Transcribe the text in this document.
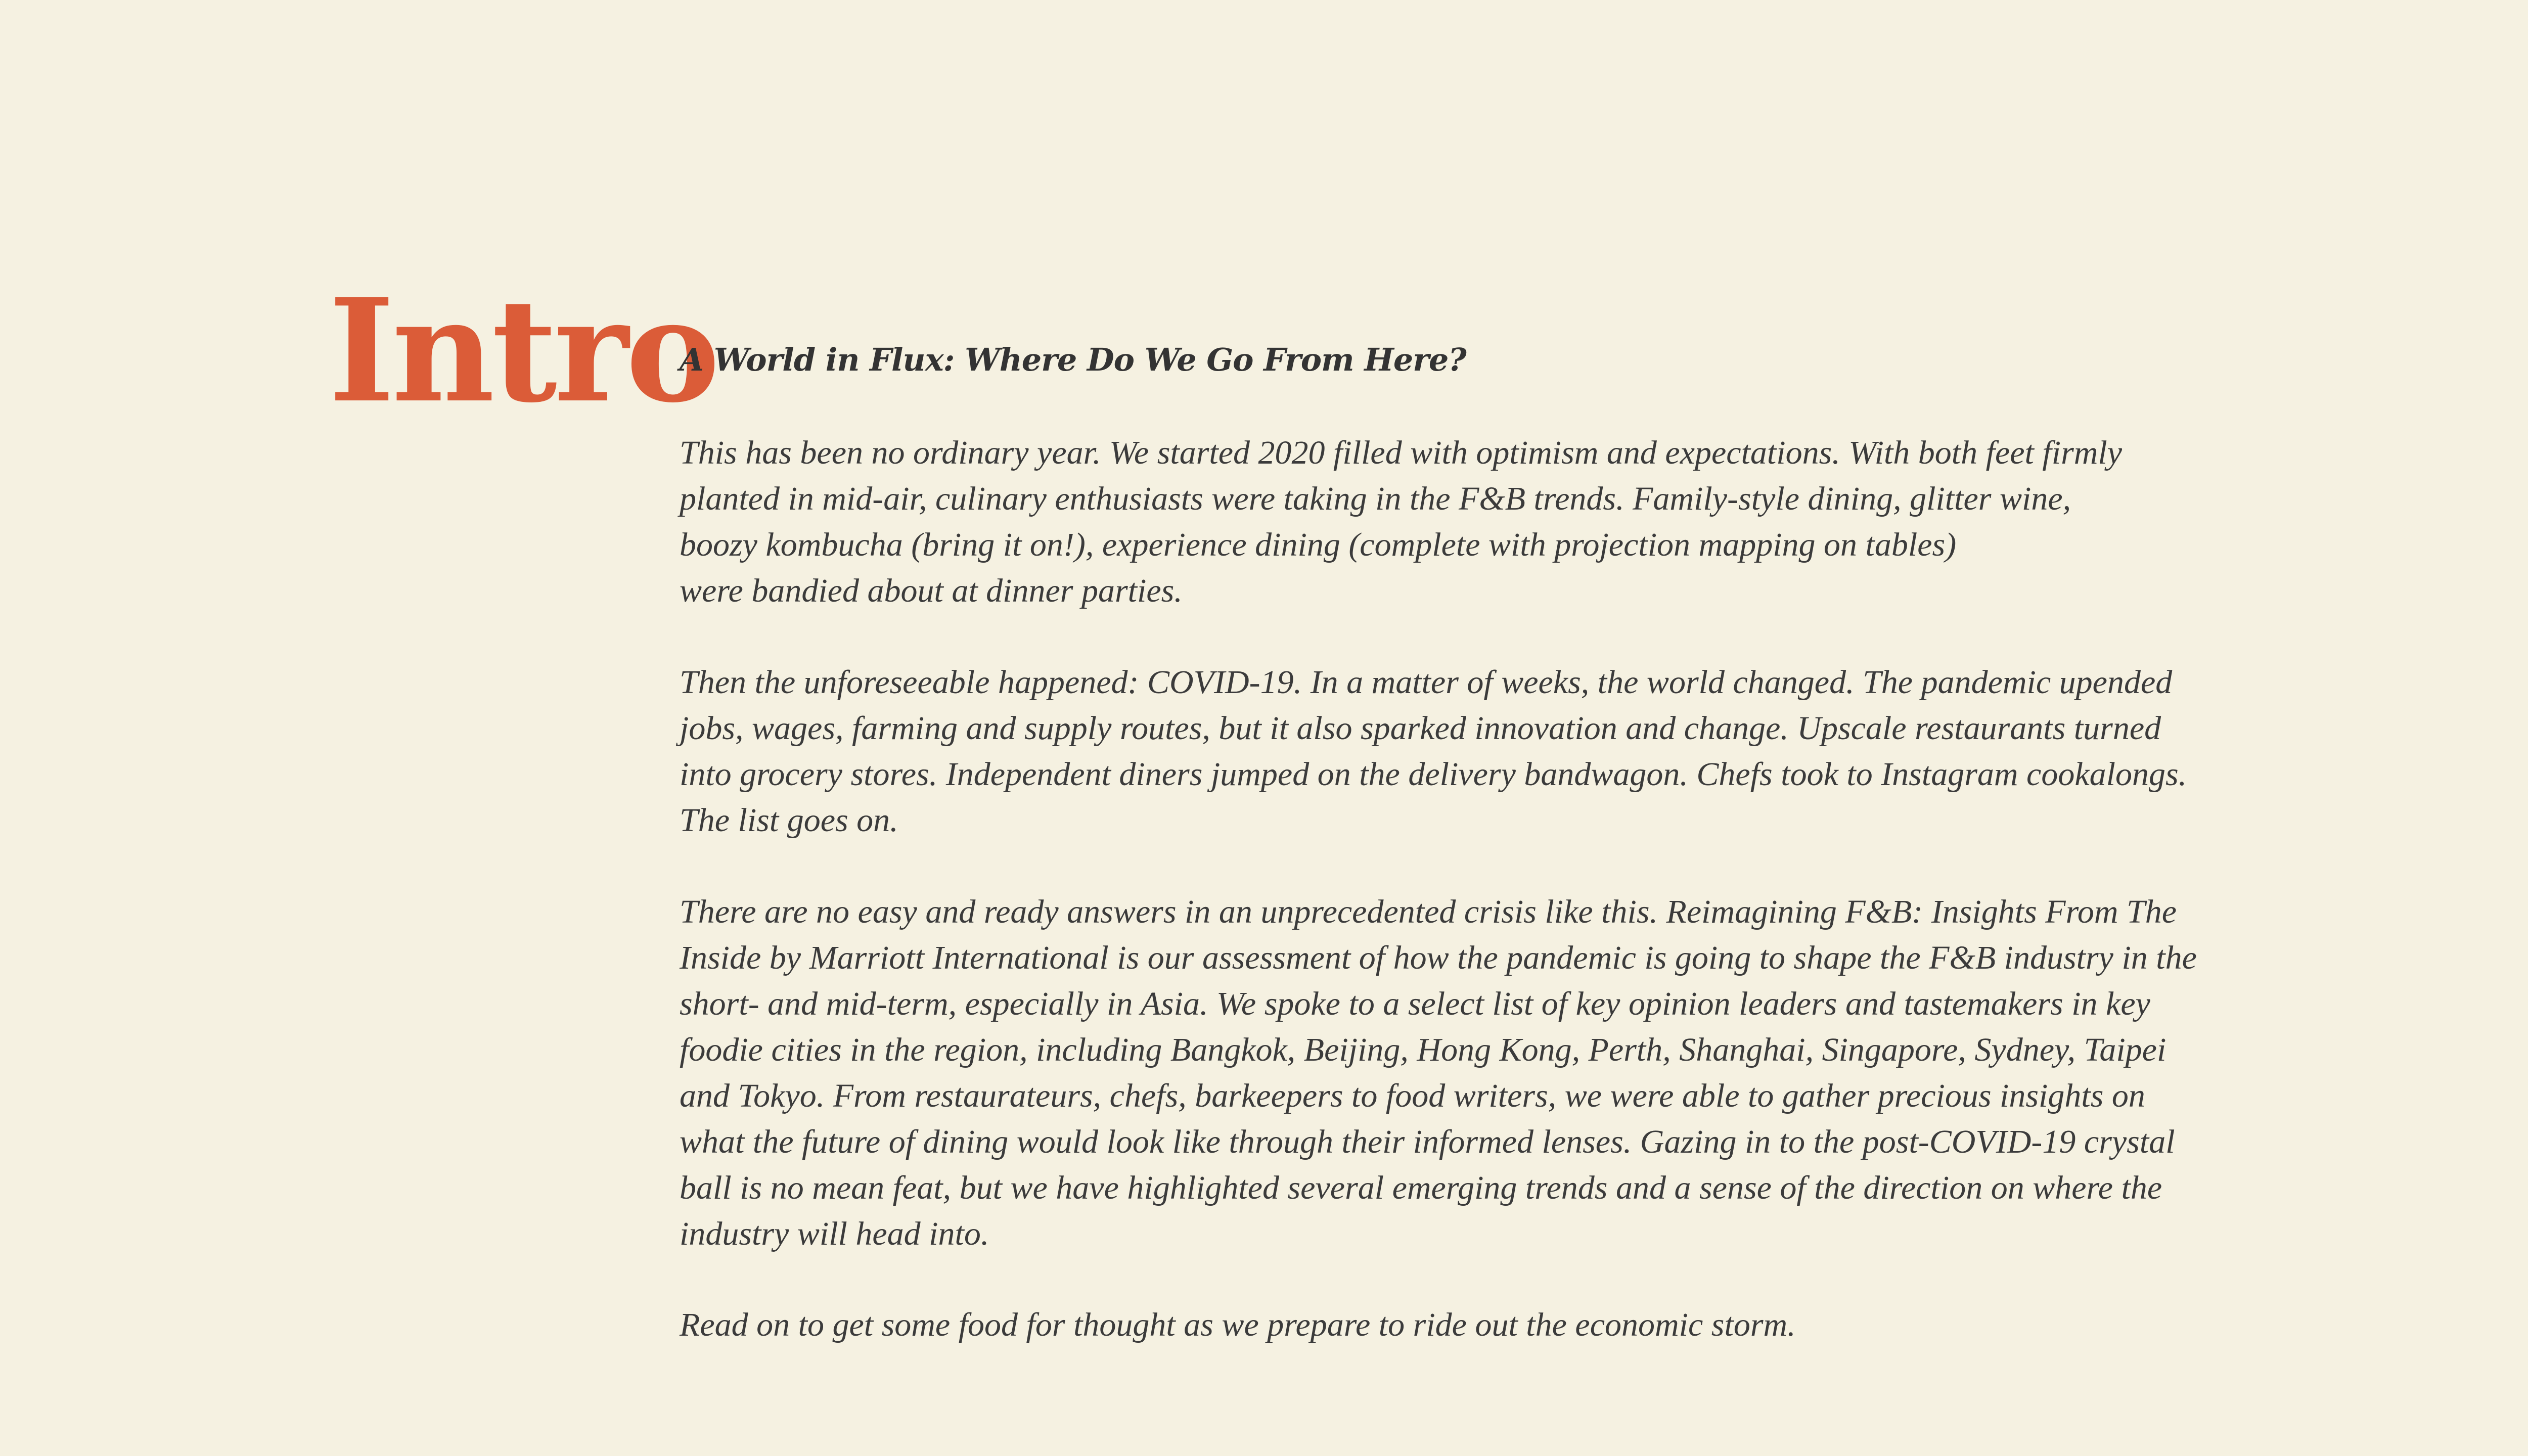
Intro
A World in Flux: Where Do We Go From Here?

This has been no ordinary year. We started 2020 filled with optimism and expectations. With both feet firmly
planted in mid-air, culinary enthusiasts were taking in the F&B trends. Family-style dining, glitter wine,
boozy kombucha (bring it on!), experience dining (complete with projection mapping on tables)
were bandied about at dinner parties.

Then the unforeseeable happened: COVID-19. In a matter of weeks, the world changed. The pandemic upended
jobs, wages, farming and supply routes, but it also sparked innovation and change. Upscale restaurants turned
into grocery stores. Independent diners jumped on the delivery bandwagon. Chefs took to Instagram cookalongs.
The list goes on.

There are no easy and ready answers in an unprecedented crisis like this. Reimagining F&B: Insights From The
Inside by Marriott International is our assessment of how the pandemic is going to shape the F&B industry in the
short- and mid-term, especially in Asia. We spoke to a select list of key opinion leaders and tastemakers in key
foodie cities in the region, including Bangkok, Beijing, Hong Kong, Perth, Shanghai, Singapore, Sydney, Taipei
and Tokyo. From restaurateurs, chefs, barkeepers to food writers, we were able to gather precious insights on
what the future of dining would look like through their informed lenses. Gazing in to the post-COVID-19 crystal
ball is no mean feat, but we have highlighted several emerging trends and a sense of the direction on where the
industry will head into.

Read on to get some food for thought as we prepare to ride out the economic storm.
